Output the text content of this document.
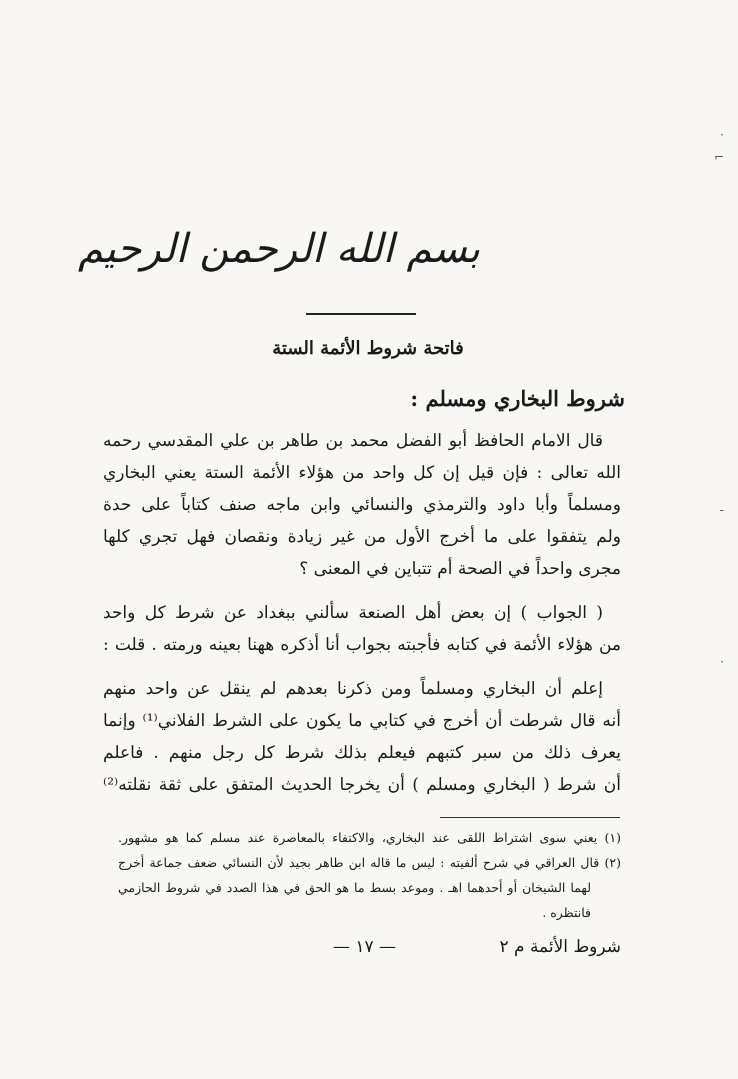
·
⌐
-
·
بسم الله الرحمن الرحيم
فاتحة شروط الأئمة الستة
شروط البخاري ومسلم :
قال الامام الحافظ أبو الفضل محمد بن طاهر بن علي المقدسي رحمه
الله تعالى : فإن قيل إن كل واحد من هؤلاء الأئمة الستة يعني البخاري
ومسلماً وأبا داود والترمذي والنسائي وابن ماجه صنف كتاباً على حدة
ولم يتفقوا على ما أخرج الأول من غير زيادة ونقصان فهل تجري كلها
مجرى واحداً في الصحة أم تتباين في المعنى ؟
( الجواب ) إن بعض أهل الصنعة سألني ببغداد عن شرط كل واحد
من هؤلاء الأئمة في كتابه فأجبته بجواب أنا أذكره ههنا بعينه ورمته . قلت :
إعلم أن البخاري ومسلماً ومن ذكرنا بعدهم لم ينقل عن واحد منهم
أنه قال شرطت أن أخرج في كتابي ما يكون على الشرط الفلاني⁽¹⁾ وإنما
يعرف ذلك من سبر كتبهم فيعلم بذلك شرط كل رجل منهم . فاعلم
أن شرط ( البخاري ومسلم ) أن يخرجا الحديث المتفق على ثقة نقلته⁽²⁾
(١) يعني سوى اشتراط اللقى عند البخاري، والاكتفاء بالمعاصرة عند مسلم كما هو مشهور.
(٢) قال العراقي في شرح ألفيته : ليس ما قاله ابن طاهر بجيد لأن النسائي ضعف جماعة أخرج
لهما الشيخان أو أحدهما اهـ . وموعد بسط ما هو الحق في هذا الصدد في شروط الحازمي
فانتظره .
شروط الأئمة م ٢
— ١٧ —
